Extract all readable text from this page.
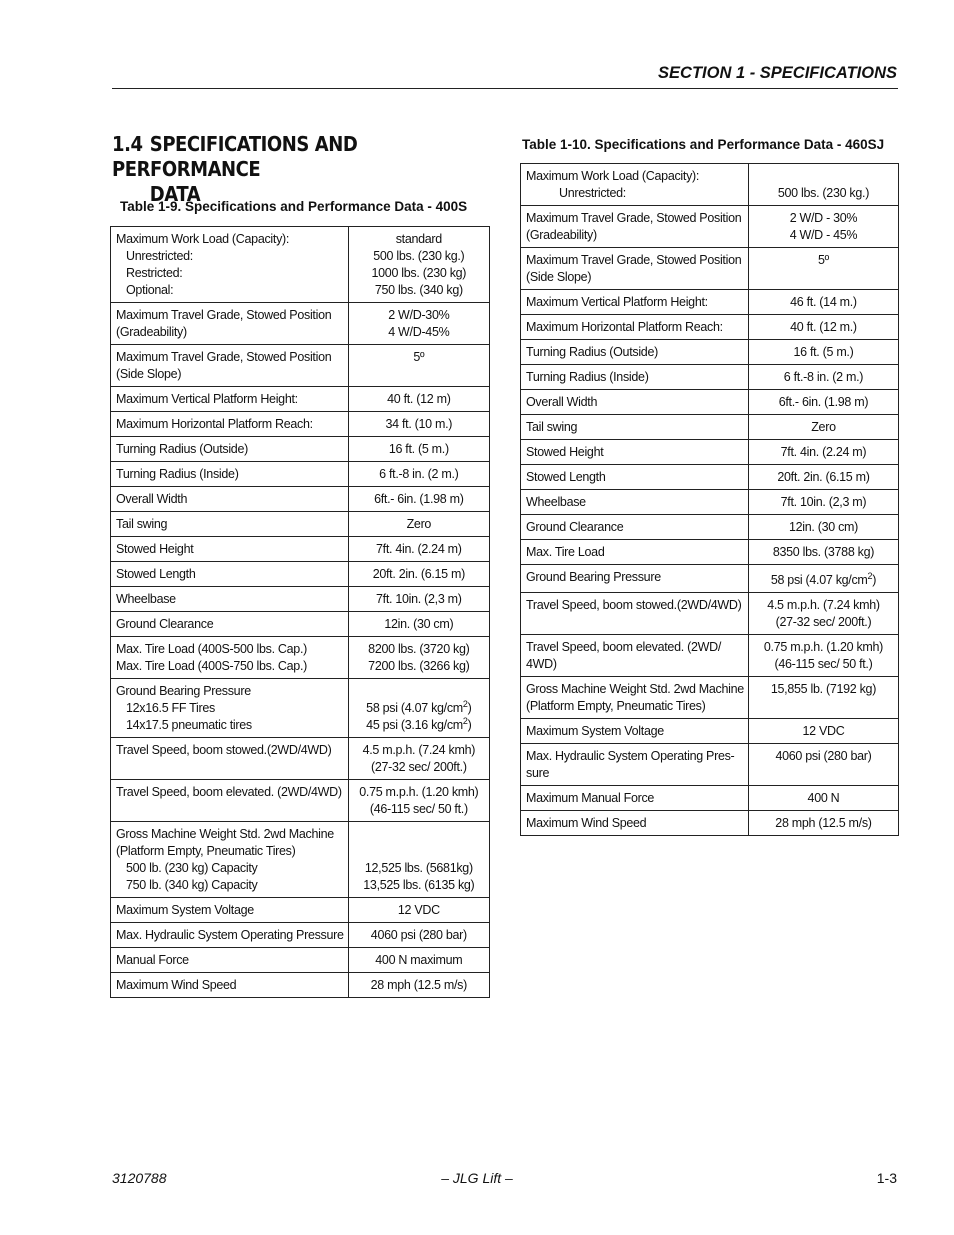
SECTION 1 - SPECIFICATIONS
1.4 SPECIFICATIONS AND PERFORMANCE
DATA
Table 1-9. Specifications and Performance Data - 400S
Maximum Work Load (Capacity):
Unrestricted:
Restricted:
Optional:	standard
500 lbs. (230 kg.)
1000 lbs. (230 kg)
750 lbs. (340 kg)

Maximum Travel Grade, Stowed Position
(Gradeability)	2 W/D-30%
4 W/D-45%

Maximum Travel Grade, Stowed Position
(Side Slope)	5º

Maximum Vertical Platform Height:	40 ft. (12 m)

Maximum Horizontal Platform Reach:	34 ft. (10 m.)

Turning Radius (Outside)	16 ft. (5 m.)

Turning Radius (Inside)	6 ft.-8 in. (2 m.)

Overall Width	6ft.- 6in. (1.98 m)

Tail swing	Zero

Stowed Height	7ft. 4in. (2.24 m)

Stowed Length	20ft. 2in. (6.15 m)

Wheelbase	7ft. 10in. (2,3 m)

Ground Clearance	12in. (30 cm)

Max. Tire Load (400S-500 lbs. Cap.)
Max. Tire Load (400S-750 lbs. Cap.)	8200 lbs. (3720 kg)
7200 lbs. (3266 kg)

Ground Bearing Pressure
12x16.5 FF Tires
14x17.5 pneumatic tires	58 psi (4.07 $kg/cm^2$)
45 psi (3.16 $kg/cm^2$)

Travel Speed, boom stowed.(2WD/4WD)	4.5 m.p.h. (7.24 kmh)
(27-32 sec/ 200ft.)

Travel Speed, boom elevated. (2WD/4WD)	0.75 m.p.h. (1.20 kmh)
(46-115 sec/ 50 ft.)

Gross Machine Weight Std. 2wd Machine
(Platform Empty, Pneumatic Tires)
500 lb. (230 kg) Capacity
750 lb. (340 kg) Capacity	12,525 lbs. (5681kg)
13,525 lbs. (6135 kg)

Maximum System Voltage	12 VDC

Max. Hydraulic System Operating Pressure	4060 psi (280 bar)

Manual Force	400 N maximum

Maximum Wind Speed	28 mph (12.5 m/s)
Table 1-10. Specifications and Performance Data - 460SJ
Maximum Work Load (Capacity):
Unrestricted:	500 lbs. (230 kg.)

Maximum Travel Grade, Stowed Position
(Gradeability)	2 W/D - 30%
4 W/D - 45%

Maximum Travel Grade, Stowed Position
(Side Slope)	5º

Maximum Vertical Platform Height:	46 ft. (14 m.)

Maximum Horizontal Platform Reach:	40 ft. (12 m.)

Turning Radius (Outside)	16 ft. (5 m.)

Turning Radius (Inside)	6 ft.-8 in. (2 m.)

Overall Width	6ft.- 6in. (1.98 m)

Tail swing	Zero

Stowed Height	7ft. 4in. (2.24 m)

Stowed Length	20ft. 2in. (6.15 m)

Wheelbase	7ft. 10in. (2,3 m)

Ground Clearance	12in. (30 cm)

Max. Tire Load	8350 lbs. (3788 kg)

Ground Bearing Pressure	58 psi (4.07 $kg/cm^2$)

Travel Speed, boom stowed.(2WD/4WD)	4.5 m.p.h. (7.24 kmh)
(27-32 sec/ 200ft.)

Travel Speed, boom elevated. (2WD/
4WD)	0.75 m.p.h. (1.20 kmh)
(46-115 sec/ 50 ft.)

Gross Machine Weight Std. 2wd Machine
(Platform Empty, Pneumatic Tires)	15,855 lb. (7192 kg)

Maximum System Voltage	12 VDC

Max. Hydraulic System Operating Pres-
sure	4060 psi (280 bar)

Maximum Manual Force	400 N

Maximum Wind Speed	28 mph (12.5 m/s)
3120788	– JLG Lift –	1-3
